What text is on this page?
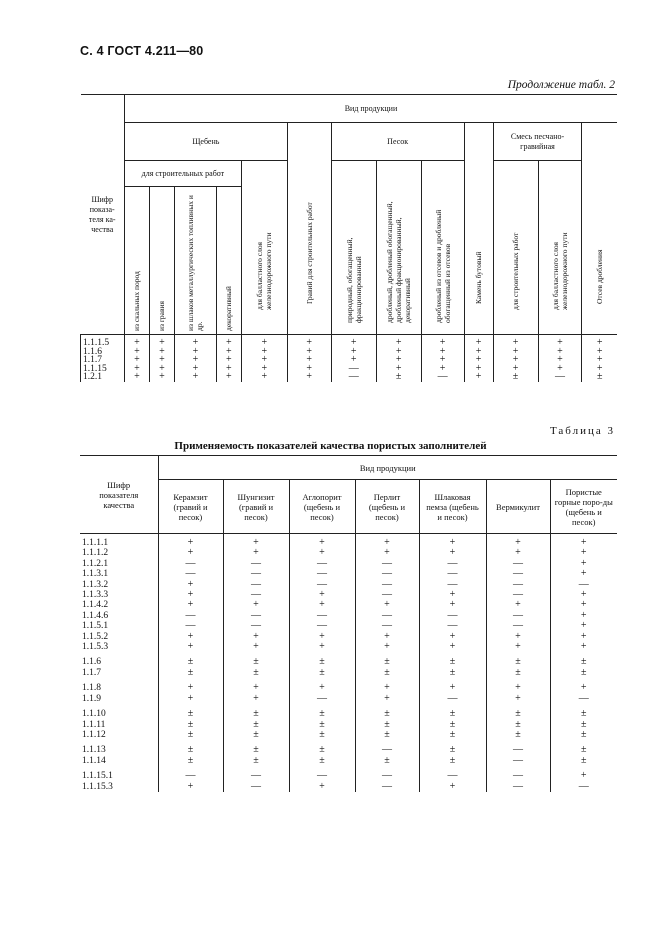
С. 4 ГОСТ 4.211—80
Продолжение табл. 2
Шифр показа-теля ка-чества	Вид продукции												
	Щебень					Гравий для строительных работ	Песок			Камень бутовый	Смесь песчано-гравийная		Отсев дробления

	для строительных работ				для балластного слоя железнодорожного пути		природный, обогащенный, фракционированный	дробленый, дробленый обогащенный, дробленый фракционированный, декоративный	дробленый из отсевов и дробленый обогащенный из отсевов		для строительных работ	для балластного слоя железнодорожного пути	

	из скальных пород	из гравия	из шлаков металлургических топливных и др.	декоративный									

1.1.1.5	+	+	+	+	+	+	+	+	+	+	+	+	+
1.1.6	+	+	+	+	+	+	+	+	+	+	+	+	+
1.1.7	+	+	+	+	+	+	+	+	+	+	+	+	+
1.1.15	+	+	+	+	+	+	—	+	+	+	+	+	+
1.2.1	+	+	+	+	+	+	—	±	—	+	±	—	±
Таблица 3
Применяемость показателей качества пористых заполнителей
Шифр показателя качества	Вид продукции						

	Керамзит (гравий и песок)	Шунгизит (гравий и песок)	Аглопорит (щебень и песок)	Перлит (щебень и песок)	Шлаковая пемза (щебень и песок)	Вермикулит	Пористые горные поро-ды (щебень и песок)

1.1.1.1	+	+	+	+	+	+	+
1.1.1.2	+	+	+	+	+	+	+
1.1.2.1	—	—	—	—	—	—	+
1.1.3.1	—	—	—	—	—	—	+
1.1.3.2	+	—	—	—	—	—	—
1.1.3.3	+	—	+	—	+	—	+
1.1.4.2	+	+	+	+	+	+	+
1.1.4.6	—	—	—	—	—	—	+
1.1.5.1	—	—	—	—	—	—	+
1.1.5.2	+	+	+	+	+	+	+
1.1.5.3	+	+	+	+	+	+	+

1.1.6	±	±	±	±	±	±	±
1.1.7	±	±	±	±	±	±	±

1.1.8	+	+	+	+	+	+	+
1.1.9	+	+	—	+	—	+	—

1.1.10	±	±	±	±	±	±	±
1.1.11	±	±	±	±	±	±	±
1.1.12	±	±	±	±	±	±	±

1.1.13	±	±	±	—	±	—	±
1.1.14	±	±	±	±	±	—	±

1.1.15.1	—	—	—	—	—	—	+
1.1.15.3	+	—	+	—	+	—	—
